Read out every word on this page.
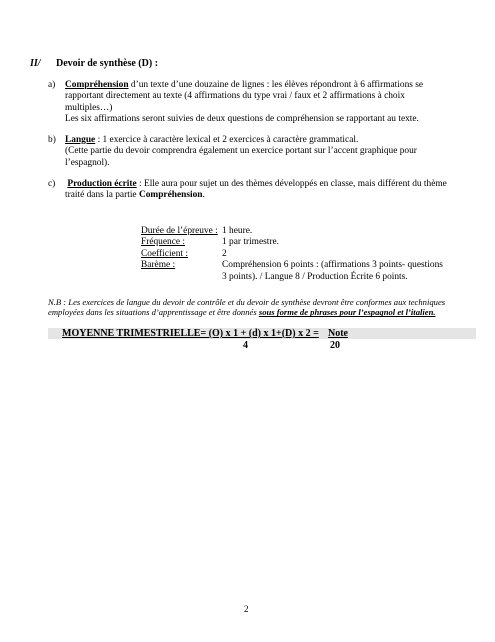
II/ Devoir de synthèse (D) :
a) Compréhension d’un texte d’une douzaine de lignes : les élèves répondront à 6 affirmations se
rapportant directement au texte (4 affirmations du type vrai / faux et 2 affirmations à choix
multiples…)
Les six affirmations seront suivies de deux questions de compréhension se rapportant au texte.
b) Langue : 1 exercice à caractère lexical et 2 exercices à caractère grammatical.
(Cette partie du devoir comprendra également un exercice portant sur l’accent graphique pour
l’espagnol).
c) Production écrite : Elle aura pour sujet un des thèmes développés en classe, mais différent du thème
traité dans la partie Compréhension.
Durée de l’épreuve : 1 heure.
Fréquence :	1 par trimestre.
Coefficient :	2
Barème :	Compréhension 6 points : (affirmations 3 points- questions
3 points). / Langue 8 / Production Écrite 6 points.
N.B : Les exercices de langue du devoir de contrôle et du devoir de synthèse devront être conformes aux techniques employées dans les situations d’apprentissage et être donnés sous forme de phrases pour l’espagnol et l’italien.
MOYENNE TRIMESTRIELLE= (O) x 1 + (d) x 1+(D) x 2 =
4
Note
20
2
